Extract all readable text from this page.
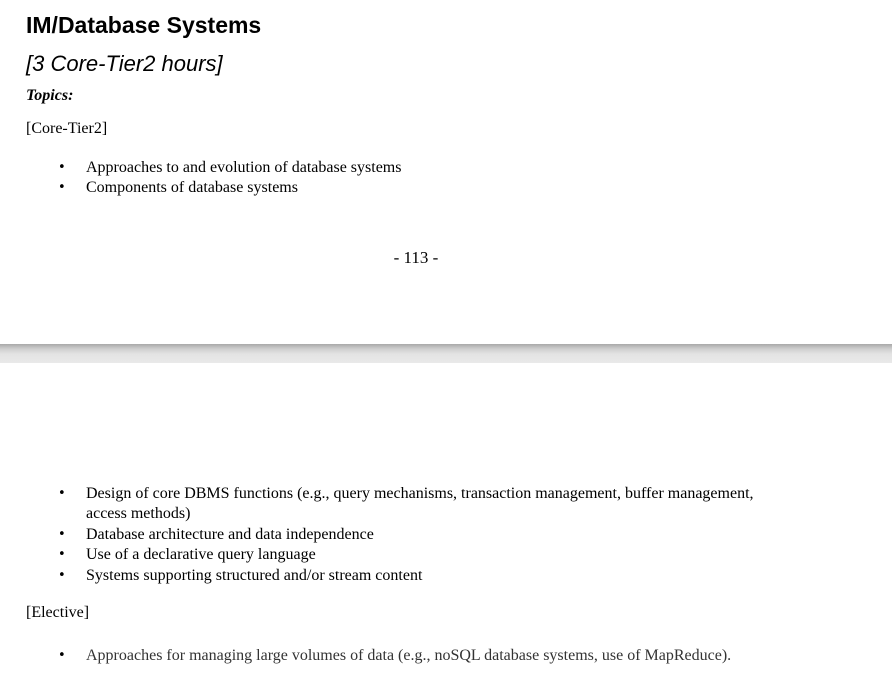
IM/Database Systems
[3 Core-Tier2 hours]
Topics:
[Core-Tier2]
• Approaches to and evolution of database systems
• Components of database systems
- 113 -
• Design of core DBMS functions (e.g., query mechanisms, transaction management, buffer management, access methods)
• Database architecture and data independence
• Use of a declarative query language
• Systems supporting structured and/or stream content
[Elective]
• Approaches for managing large volumes of data (e.g., noSQL database systems, use of MapReduce).
